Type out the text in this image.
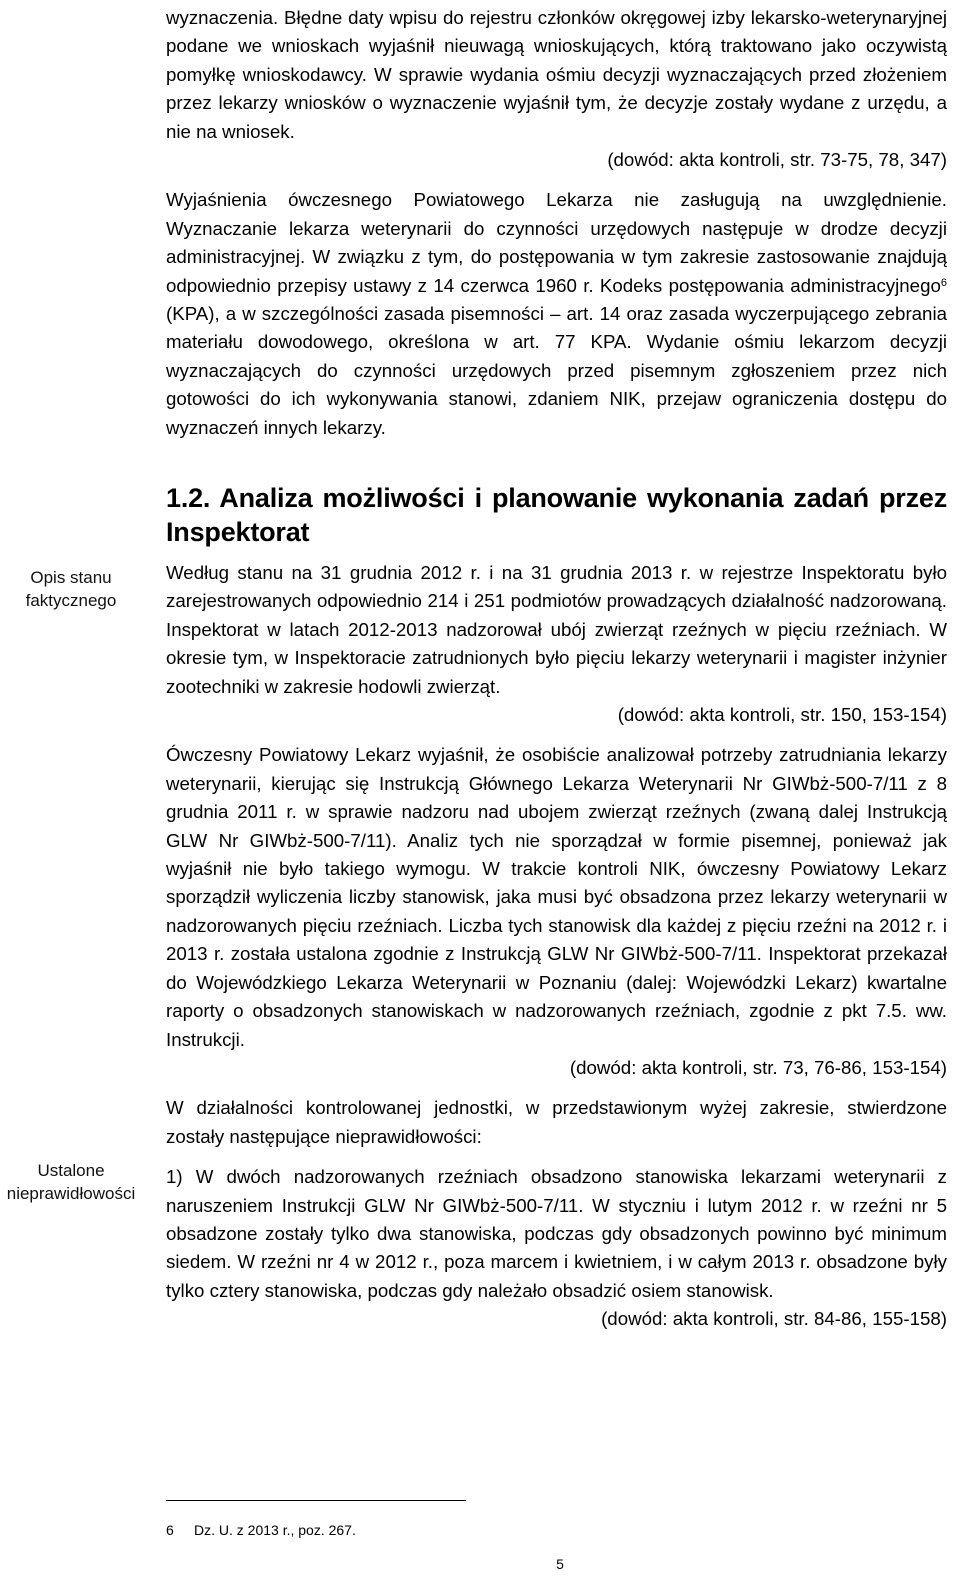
wyznaczenia. Błędne daty wpisu do rejestru członków okręgowej izby lekarsko-weterynaryjnej podane we wnioskach wyjaśnił nieuwagą wnioskujących, którą traktowano jako oczywistą pomyłkę wnioskodawcy. W sprawie wydania ośmiu decyzji wyznaczających przed złożeniem przez lekarzy wniosków o wyznaczenie wyjaśnił tym, że decyzje zostały wydane z urzędu, a nie na wniosek.

(dowód: akta kontroli, str. 73-75, 78, 347)

Wyjaśnienia ówczesnego Powiatowego Lekarza nie zasługują na uwzględnienie. Wyznaczanie lekarza weterynarii do czynności urzędowych następuje w drodze decyzji administracyjnej. W związku z tym, do postępowania w tym zakresie zastosowanie znajdują odpowiednio przepisy ustawy z 14 czerwca 1960 r. Kodeks postępowania administracyjnego$^6$ (KPA), a w szczególności zasada pisemności – art. 14 oraz zasada wyczerpującego zebrania materiału dowodowego, określona w art. 77 KPA. Wydanie ośmiu lekarzom decyzji wyznaczających do czynności urzędowych przed pisemnym zgłoszeniem przez nich gotowości do ich wykonywania stanowi, zdaniem NIK, przejaw ograniczenia dostępu do wyznaczeń innych lekarzy.

1.2. Analiza możliwości i planowanie wykonania zadań przez Inspektorat
Opis stanu faktycznego
Ustalone nieprawidłowości

Według stanu na 31 grudnia 2012 r. i na 31 grudnia 2013 r. w rejestrze Inspektoratu było zarejestrowanych odpowiednio 214 i 251 podmiotów prowadzących działalność nadzorowaną. Inspektorat w latach 2012-2013 nadzorował ubój zwierząt rzeźnych w pięciu rzeźniach. W okresie tym, w Inspektoracie zatrudnionych było pięciu lekarzy weterynarii i magister inżynier zootechniki w zakresie hodowli zwierząt.

(dowód: akta kontroli, str. 150, 153-154)

Ówczesny Powiatowy Lekarz wyjaśnił, że osobiście analizował potrzeby zatrudniania lekarzy weterynarii, kierując się Instrukcją Głównego Lekarza Weterynarii Nr GIWbż-500-7/11 z 8 grudnia 2011 r. w sprawie nadzoru nad ubojem zwierząt rzeźnych (zwaną dalej Instrukcją GLW Nr GIWbż-500-7/11). Analiz tych nie sporządzał w formie pisemnej, ponieważ jak wyjaśnił nie było takiego wymogu. W trakcie kontroli NIK, ówczesny Powiatowy Lekarz sporządził wyliczenia liczby stanowisk, jaka musi być obsadzona przez lekarzy weterynarii w nadzorowanych pięciu rzeźniach. Liczba tych stanowisk dla każdej z pięciu rzeźni na 2012 r. i 2013 r. została ustalona zgodnie z Instrukcją GLW Nr GIWbż-500-7/11. Inspektorat przekazał do Wojewódzkiego Lekarza Weterynarii w Poznaniu (dalej: Wojewódzki Lekarz) kwartalne raporty o obsadzonych stanowiskach w nadzorowanych rzeźniach, zgodnie z pkt 7.5. ww. Instrukcji.

(dowód: akta kontroli, str. 73, 76-86, 153-154)

W działalności kontrolowanej jednostki, w przedstawionym wyżej zakresie, stwierdzone zostały następujące nieprawidłowości:

1) W dwóch nadzorowanych rzeźniach obsadzono stanowiska lekarzami weterynarii z naruszeniem Instrukcji GLW Nr GIWbż-500-7/11. W styczniu i lutym 2012 r. w rzeźni nr 5 obsadzone zostały tylko dwa stanowiska, podczas gdy obsadzonych powinno być minimum siedem. W rzeźni nr 4 w 2012 r., poza marcem i kwietniem, i w całym 2013 r. obsadzone były tylko cztery stanowiska, podczas gdy należało obsadzić osiem stanowisk.

(dowód: akta kontroli, str. 84-86, 155-158)

6 Dz. U. z 2013 r., poz. 267.
5
